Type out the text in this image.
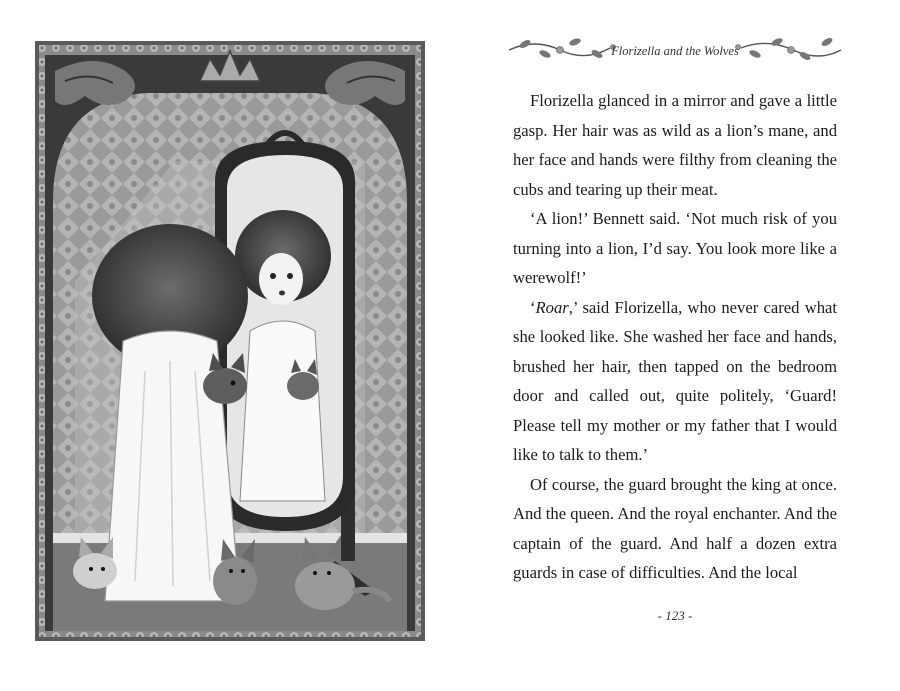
Florizella and the Wolves

Florizella glanced in a mirror and gave a little gasp. Her hair was as wild as a lion’s mane, and her face and hands were filthy from cleaning the cubs and tearing up their meat.

‘A lion!’ Bennett said. ‘Not much risk of you turning into a lion, I’d say. You look more like a werewolf!’

‘Roar,’ said Florizella, who never cared what she looked like. She washed her face and hands, brushed her hair, then tapped on the bedroom door and called out, quite politely, ‘Guard! Please tell my mother or my father that I would like to talk to them.’

Of course, the guard brought the king at once. And the queen. And the royal enchanter. And the captain of the guard. And half a dozen extra guards in case of difficulties. And the local

- 123 -
